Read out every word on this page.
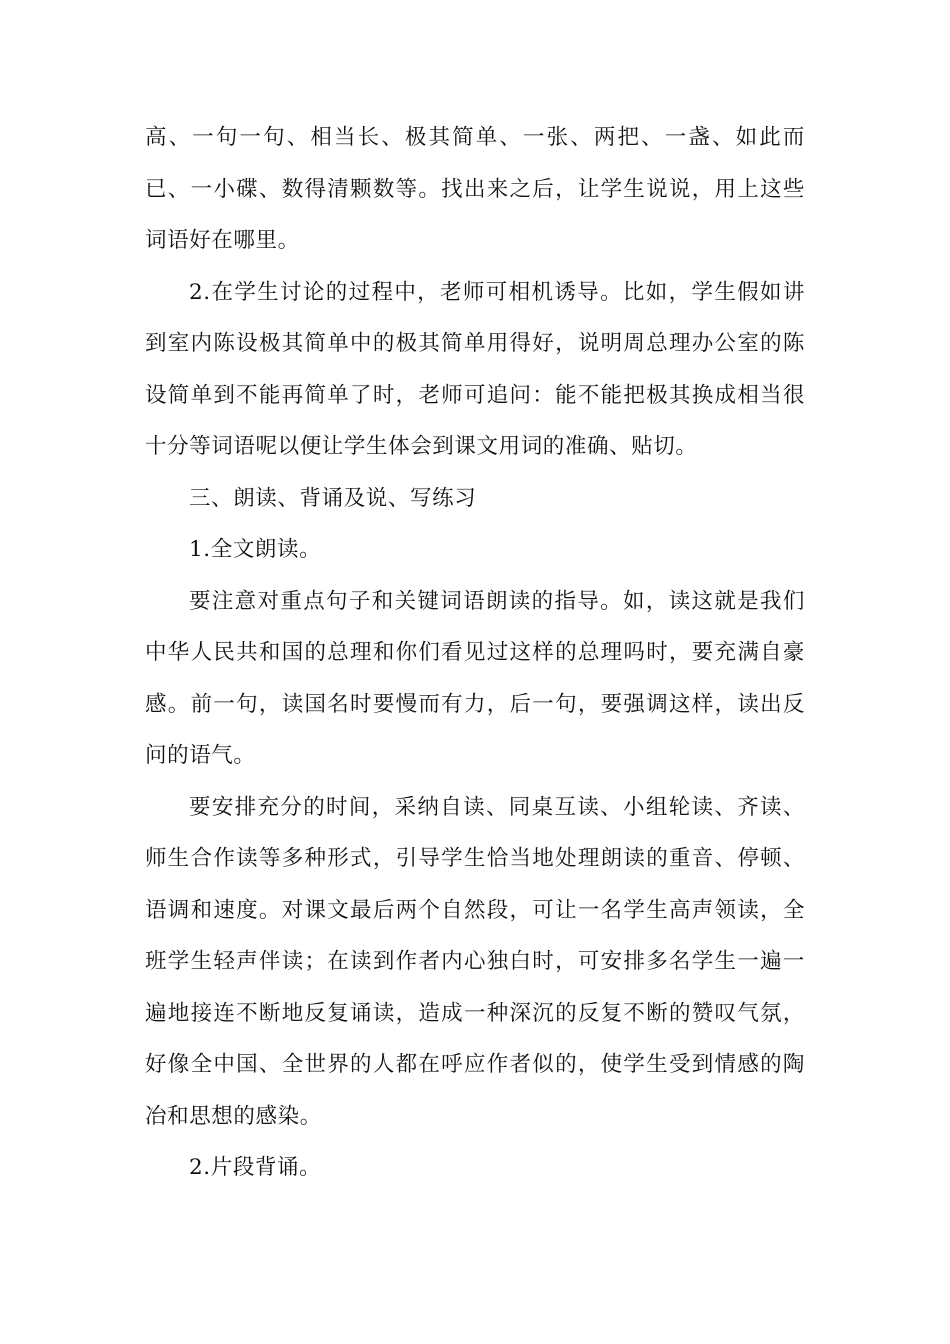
高、一句一句、相当长、极其简单、一张、两把、一盏、如此而已、一小碟、数得清颗数等。找出来之后，让学生说说，用上这些词语好在哪里。

2.在学生讨论的过程中，老师可相机诱导。比如，学生假如讲到室内陈设极其简单中的极其简单用得好，说明周总理办公室的陈设简单到不能再简单了时，老师可追问：能不能把极其换成相当很十分等词语呢以便让学生体会到课文用词的准确、贴切。

三、朗读、背诵及说、写练习

1.全文朗读。

要注意对重点句子和关键词语朗读的指导。如，读这就是我们中华人民共和国的总理和你们看见过这样的总理吗时，要充满自豪感。前一句，读国名时要慢而有力，后一句，要强调这样，读出反问的语气。

要安排充分的时间，采纳自读、同桌互读、小组轮读、齐读、师生合作读等多种形式，引导学生恰当地处理朗读的重音、停顿、语调和速度。对课文最后两个自然段，可让一名学生高声领读，全班学生轻声伴读；在读到作者内心独白时，可安排多名学生一遍一遍地接连不断地反复诵读，造成一种深沉的反复不断的赞叹气氛，好像全中国、全世界的人都在呼应作者似的，使学生受到情感的陶冶和思想的感染。

2.片段背诵。
